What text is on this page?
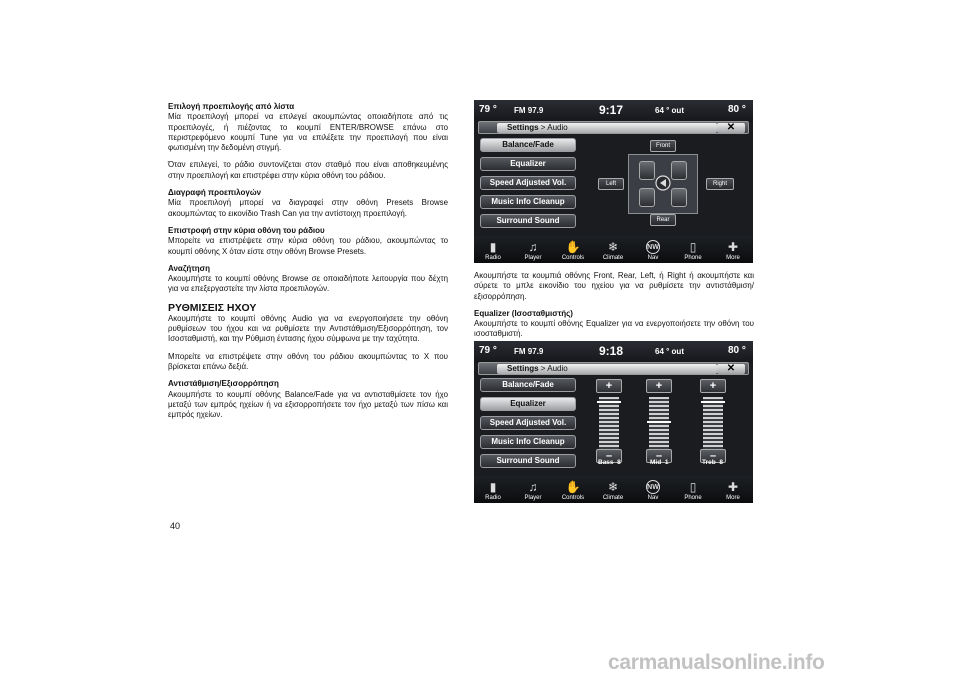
Επιλογή προεπιλογής από λίστα

Μία προεπιλογή μπορεί να επιλεγεί ακουμπώντας οποιαδήποτε από τις προεπιλογές, ή πιέζοντας το κουμπί ENTER/BROWSE επάνω στο περιστρεφόμενο κουμπί Tune για να επιλέξετε την προεπιλογή που είναι φωτισμένη την δεδομένη στιγμή.

Όταν επιλεγεί, το ράδιο συντονίζεται στον σταθμό που είναι αποθηκευμένης στην προεπιλογή και επιστρέφει στην κύρια οθόνη του ράδιου.

Διαγραφή προεπιλογών

Μία προεπιλογή μπορεί να διαγραφεί στην οθόνη Presets Browse ακουμπώντας το εικονίδιο Trash Can για την αντίστοιχη προεπιλογή.

Επιστροφή στην κύρια οθόνη του ράδιου

Μπορείτε να επιστρέψετε στην κύρια οθόνη του ράδιου, ακουμπώντας το κουμπί οθόνης X όταν είστε στην οθόνη Browse Presets.

Αναζήτηση

Ακουμπήστε το κουμπί οθόνης Browse σε οποιαδήποτε λειτουργία που δέχτη για να επεξεργαστείτε την λίστα προεπιλογών.

ΡΥΘΜΙΣΕΙΣ ΗΧΟΥ

Ακουμπήστε το κουμπί οθόνης Audio για να ενεργοποιήσετε την οθόνη ρυθμίσεων του ήχου και να ρυθμίσετε την Αντιστάθμιση/Εξισορρόπηση, τον Ισοσταθμιστή, και την Ρύθμιση έντασης ήχου σύμφωνα με την ταχύτητα.

Μπορείτε να επιστρέψετε στην οθόνη του ράδιου ακουμπώντας το X που βρίσκεται επάνω δεξιά.

Αντιστάθμιση/Εξισορρόπηση

Ακουμπήστε το κουμπί οθόνης Balance/Fade για να αντισταθμίσετε τον ήχο μεταξύ των εμπρός ηχείων ή να εξισορροπήσετε τον ήχο μεταξύ των πίσω και εμπρός ηχείων.

Ακουμπήστε τα κουμπιά οθόνης Front, Rear, Left, ή Right ή ακουμπήστε και σύρετε το μπλε εικονίδιο του ηχείου για να ρυθμίσετε την αντιστάθμιση/εξισορρόπηση.

Equalizer (Ισοσταθμιστής)

Ακουμπήστε το κουμπί οθόνης Equalizer για να ενεργοποιήσετε την οθόνη του ισοσταθμιστή.

79 ° FM 97.9	9:17	64 ° out	80 °
Settings > Audio	✕
Balance/Fade
Equalizer
Speed Adjusted Vol.
Music Info Cleanup
Surround Sound
Front
Rear
Left	Right
▮
Radio
♫
Player
✋
Controls
❄
Climate
NW
Nav
▯
Phone
✚
More
79 ° FM 97.9	9:18	64 ° out	80 °
Settings > Audio	✕
Balance/Fade
Equalizer
Speed Adjusted Vol.
Music Info Cleanup
Surround Sound
+
–
+
–
+
–
Bass 8	Mid 1	Treb 8
▮
Radio
♫
Player
✋
Controls
❄
Climate
NW
Nav
▯
Phone
✚
More
40
carmanualsonline.info
